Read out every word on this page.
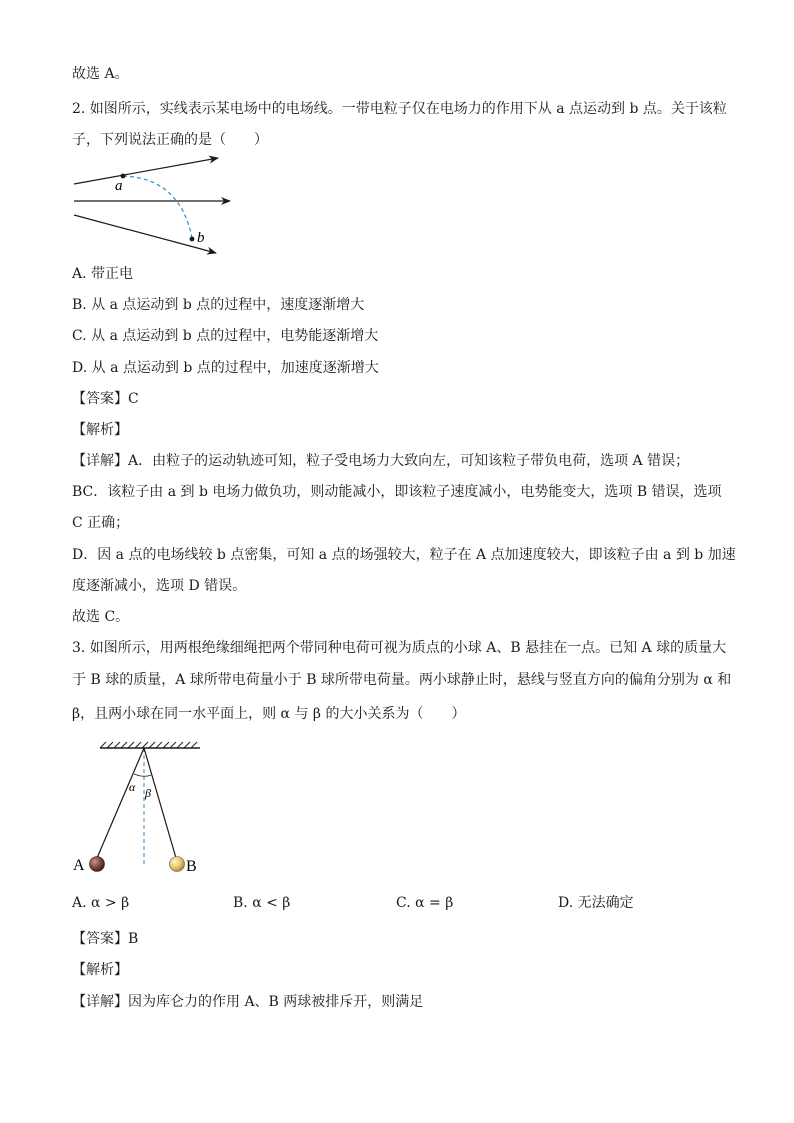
故选 A。
2. 如图所示，实线表示某电场中的电场线。一带电粒子仅在电场力的作用下从 a 点运动到 b 点。关于该粒
子，下列说法正确的是（　　）
a
b
A. 带正电
B. 从 a 点运动到 b 点的过程中，速度逐渐增大
C. 从 a 点运动到 b 点的过程中，电势能逐渐增大
D. 从 a 点运动到 b 点的过程中，加速度逐渐增大
【答案】C
【解析】
【详解】A．由粒子的运动轨迹可知，粒子受电场力大致向左，可知该粒子带负电荷，选项 A 错误；
BC．该粒子由 a 到 b 电场力做负功，则动能减小，即该粒子速度减小，电势能变大，选项 B 错误，选项
C 正确；
D．因 a 点的电场线较 b 点密集，可知 a 点的场强较大，粒子在 A 点加速度较大，即该粒子由 a 到 b 加速
度逐渐减小，选项 D 错误。
故选 C。
3. 如图所示，用两根绝缘细绳把两个带同种电荷可视为质点的小球 A、B 悬挂在一点。已知 A 球的质量大
于 B 球的质量，A 球所带电荷量小于 B 球所带电荷量。两小球静止时，悬线与竖直方向的偏角分别为 α 和
β，且两小球在同一水平面上，则 α 与 β 的大小关系为（　　）
α β
A	B
A. α > β	B. α < β	C. α = β	D. 无法确定
【答案】B
【解析】
【详解】因为库仑力的作用 A、B 两球被排斥开，则满足
